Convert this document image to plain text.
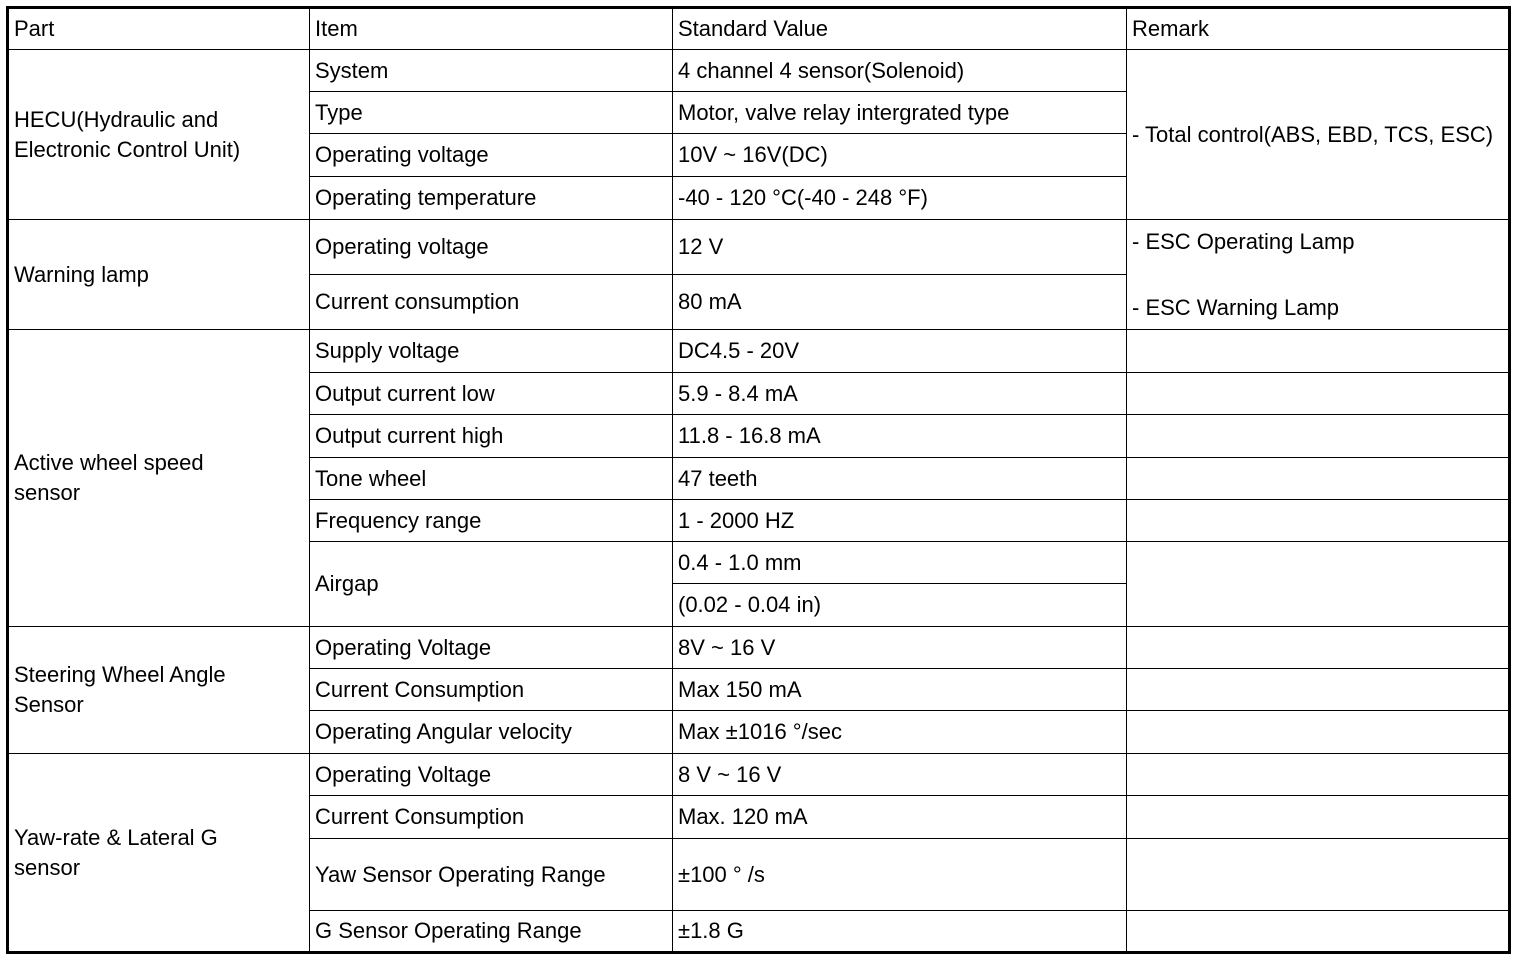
Part	Item	Standard Value	Remark
HECU(Hydraulic and Electronic Control Unit)	System	4 channel 4 sensor(Solenoid)	- Total control(ABS, EBD, TCS, ESC)

	Type	Motor, valve relay intergrated type	
	Operating voltage	10V ~ 16V(DC)	
	Operating temperature	-40 - 120 °C(-40 - 248 °F)	
Warning lamp	Operating voltage	12 V	- ESC Operating Lamp
- ESC Warning Lamp

	Current consumption	80 mA	
Active wheel speed sensor	Supply voltage	DC4.5 - 20V	
	Output current low	5.9 - 8.4 mA	
	Output current high	11.8 - 16.8 mA	
	Tone wheel	47 teeth	
	Frequency range	1 - 2000 HZ	
	Airgap	0.4 - 1.0 mm	
		(0.02 - 0.04 in)	
Steering Wheel Angle Sensor	Operating Voltage	8V ~ 16 V	
	Current Consumption	Max 150 mA	
	Operating Angular velocity	Max ±1016 °/sec	
Yaw-rate & Lateral G sensor	Operating Voltage	8 V ~ 16 V	
	Current Consumption	Max. 120 mA	
	Yaw Sensor Operating Range	±100 ° /s	
	G Sensor Operating Range	±1.8 G	
